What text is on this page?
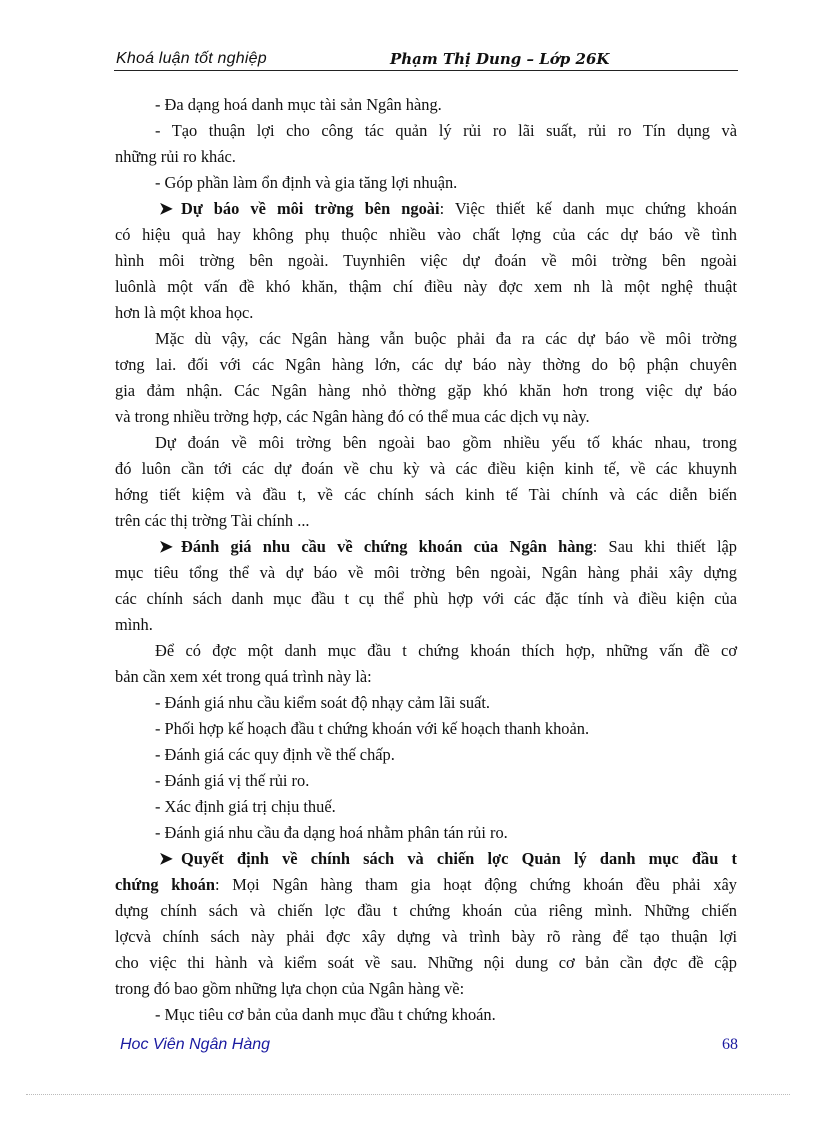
Khoá luận tốt nghiệp	Phạm Thị Dung – Lớp 26K
- Đa dạng hoá danh mục tài sản Ngân hàng.
- Tạo thuận lợi cho công tác quản lý rủi ro lãi suất, rủi ro Tín dụng và
những rủi ro khác.
- Góp phần làm ổn định và gia tăng lợi nhuận.
➤ Dự báo về môi trờng bên ngoài: Việc thiết kế danh mục chứng khoán
có hiệu quả hay không phụ thuộc nhiều vào chất lợng của các dự báo về tình
hình môi trờng bên ngoài. Tuynhiên việc dự đoán về môi trờng bên ngoài
luônlà một vấn đề khó khăn, thậm chí điều này đợc xem nh là một nghệ thuật
hơn là một khoa học.
Mặc dù vậy, các Ngân hàng vẫn buộc phải đa ra các dự báo về môi trờng
tơng lai. đối với các Ngân hàng lớn, các dự báo này thờng do bộ phận chuyên
gia đảm nhận. Các Ngân hàng nhỏ thờng gặp khó khăn hơn trong việc dự báo
và trong nhiều trờng hợp, các Ngân hàng đó có thể mua các dịch vụ này.
Dự đoán về môi trờng bên ngoài bao gồm nhiều yếu tố khác nhau, trong
đó luôn cần tới các dự đoán về chu kỳ và các điều kiện kinh tế, về các khuynh
hớng tiết kiệm và đầu t, về các chính sách kinh tế Tài chính và các diễn biến
trên các thị trờng Tài chính ...
➤ Đánh giá nhu cầu về chứng khoán của Ngân hàng: Sau khi thiết lập
mục tiêu tổng thể và dự báo về môi trờng bên ngoài, Ngân hàng phải xây dựng
các chính sách danh mục đầu t cụ thể phù hợp với các đặc tính và điều kiện của
mình.
Để có đợc một danh mục đầu t chứng khoán thích hợp, những vấn đề cơ
bản cần xem xét trong quá trình này là:
- Đánh giá nhu cầu kiểm soát độ nhạy cảm lãi suất.
- Phối hợp kế hoạch đầu t chứng khoán với kế hoạch thanh khoản.
- Đánh giá các quy định về thế chấp.
- Đánh giá vị thế rủi ro.
- Xác định giá trị chịu thuế.
- Đánh giá nhu cầu đa dạng hoá nhằm phân tán rủi ro.
➤ Quyết định về chính sách và chiến lợc Quản lý danh mục đầu t
chứng khoán: Mọi Ngân hàng tham gia hoạt động chứng khoán đều phải xây
dựng chính sách và chiến lợc đầu t chứng khoán của riêng mình. Những chiến
lợcvà chính sách này phải đợc xây dựng và trình bày rõ ràng để tạo thuận lợi
cho việc thi hành và kiểm soát về sau. Những nội dung cơ bản cần đợc đề cập
trong đó bao gồm những lựa chọn của Ngân hàng về:
- Mục tiêu cơ bản của danh mục đầu t chứng khoán.
Hoc Viên Ngân Hàng	68
